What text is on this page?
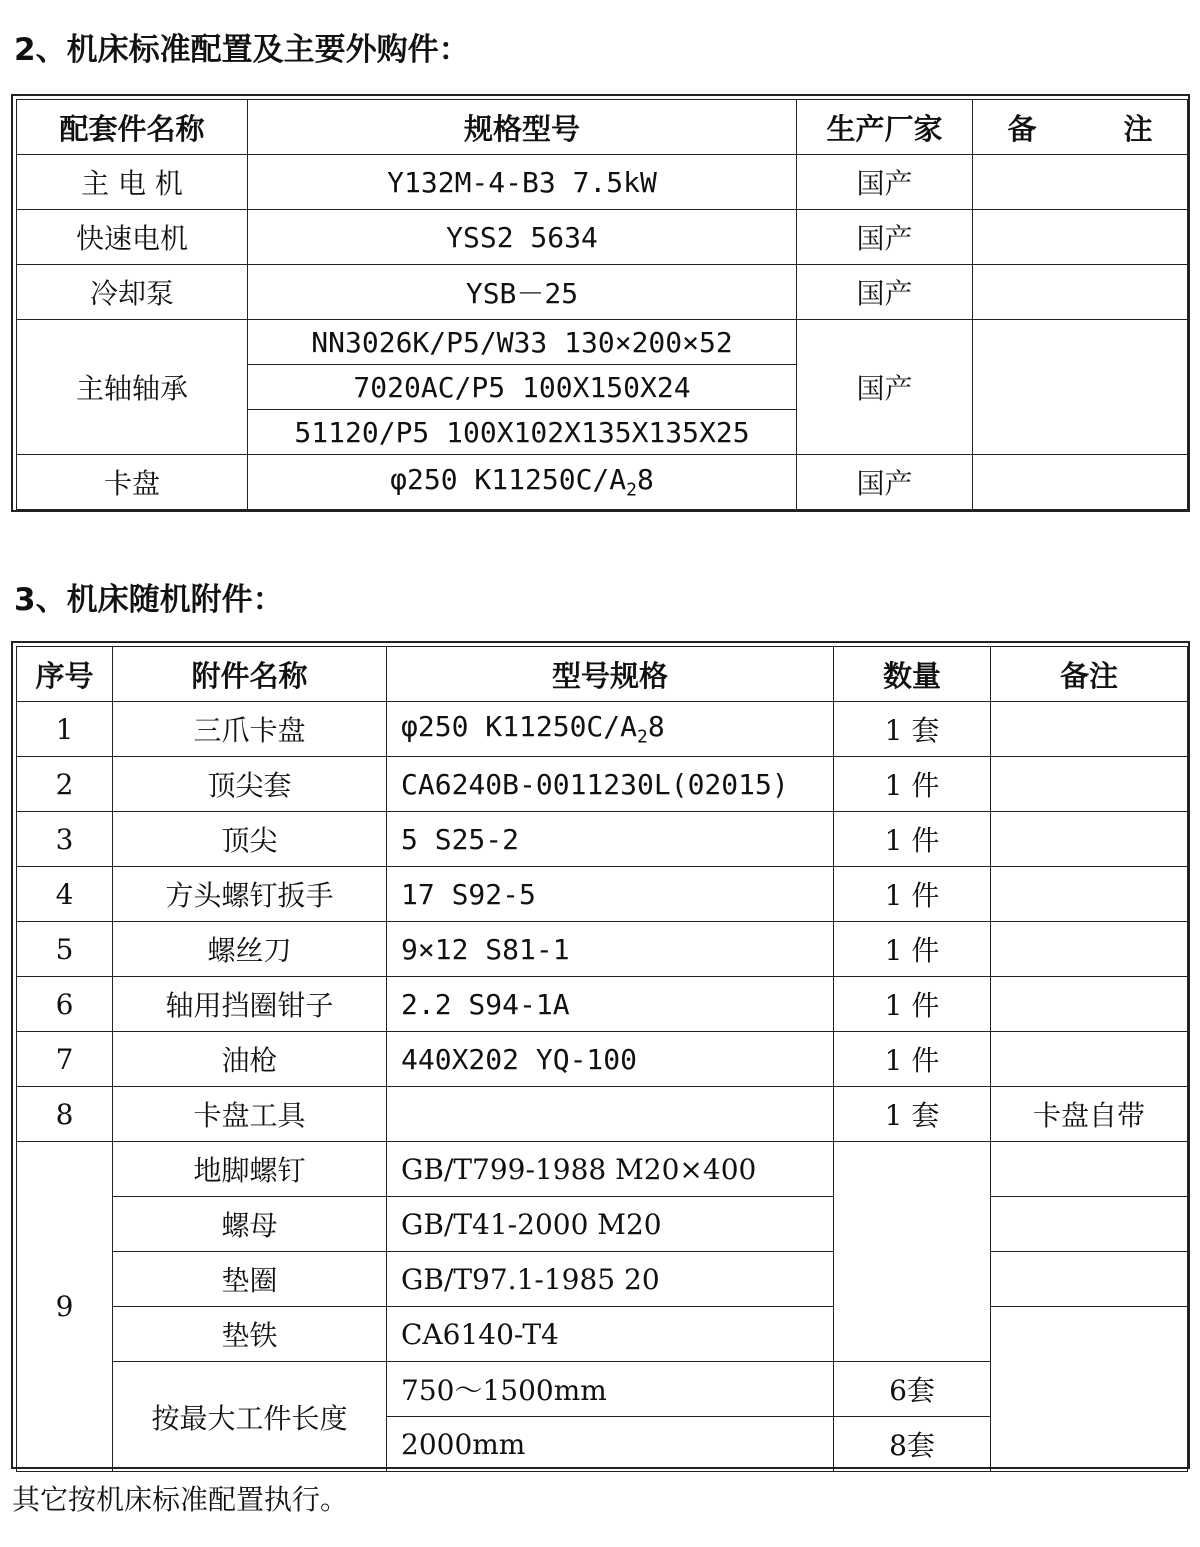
2、机床标准配置及主要外购件：
配套件名称	规格型号	生产厂家	备　　　注
主 电 机	Y132M-4-B3 7.5kW	国产	
快速电机	YSS2 5634	国产	
冷却泵	YSB－25	国产	
主轴轴承	NN3026K/P5/W33 130×200×52	国产	
	7020AC/P5 100X150X24		
	51120/P5 100X102X135X135X25		
卡盘	φ250 $K11250C/A_28$	国产	
3、机床随机附件：
序号	附件名称	型号规格	数量	备注
1	三爪卡盘	φ250 $K11250C/A_28$	1 套	
2	顶尖套	CA6240B-0011230L(02015)	1 件	
3	顶尖	5 S25-2	1 件	
4	方头螺钉扳手	17 S92-5	1 件	
5	螺丝刀	9×12 S81-1	1 件	
6	轴用挡圈钳子	2.2 S94-1A	1 件	
7	油枪	440X202 YQ-100	1 件	
8	卡盘工具		1 套	卡盘自带
9	地脚螺钉	GB/T799-1988 M20×400		
	螺母	GB/T41-2000 M20		
	垫圈	GB/T97.1-1985 20		
	垫铁	CA6140-T4		
	按最大工件长度	750～1500mm	6套	
		2000mm	8套	

其它按机床标准配置执行。
